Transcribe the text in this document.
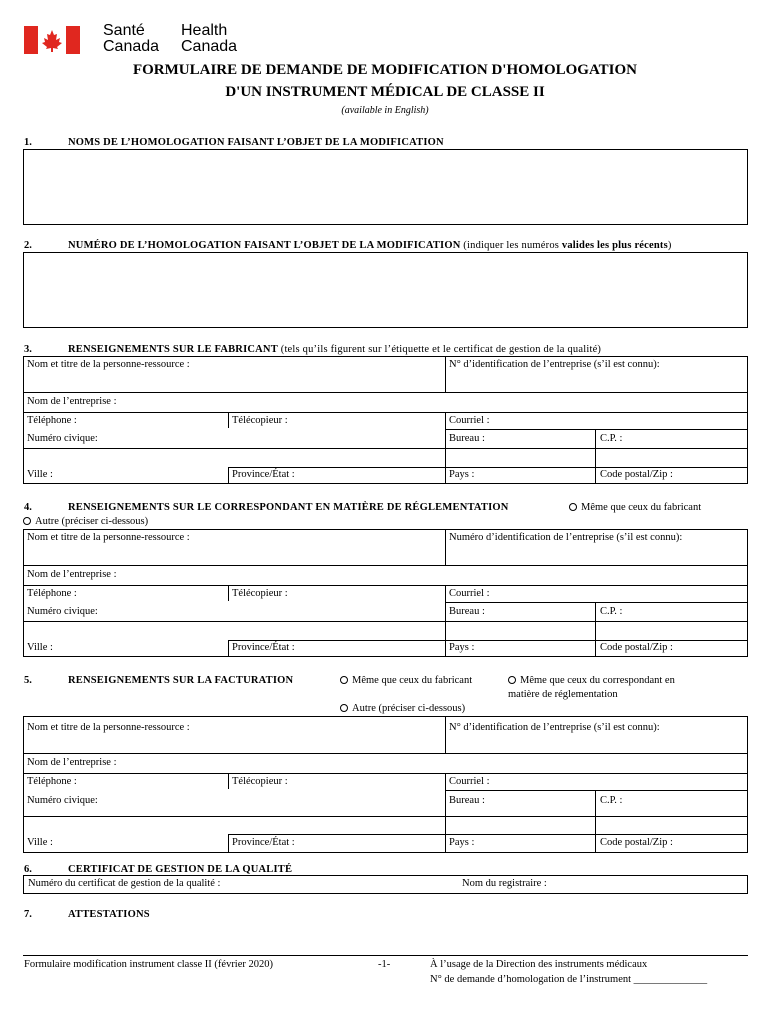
Santé
Canada
Health
Canada
FORMULAIRE DE DEMANDE DE MODIFICATION D'HOMOLOGATION
D'UN INSTRUMENT MÉDICAL DE CLASSE II
(available in English)
1.	NOMS DE L’HOMOLOGATION FAISANT L’OBJET DE LA MODIFICATION
2.	NUMÉRO DE L’HOMOLOGATION FAISANT L’OBJET DE LA MODIFICATION (indiquer les numéros valides les plus récents)
3.	RENSEIGNEMENTS SUR LE FABRICANT (tels qu’ils figurent sur l’étiquette et le certificat de gestion de la qualité)
Nom et titre de la personne-ressource :	N° d’identification de l’entreprise (s’il est connu):
Nom de l’entreprise :
Téléphone :	Télécopieur :	Courriel :
Numéro civique:	Bureau :	C.P. :
Ville :	Province/État :	Pays :	Code postal/Zip :
4.	RENSEIGNEMENTS SUR LE CORRESPONDANT EN MATIÈRE DE RÉGLEMENTATION	Même que ceux du fabricant
Autre (préciser ci-dessous)
Nom et titre de la personne-ressource :	Numéro d’identification de l’entreprise (s’il est connu):
Nom de l’entreprise :
Téléphone :	Télécopieur :	Courriel :
Numéro civique:	Bureau :	C.P. :
Ville :	Province/État :	Pays :	Code postal/Zip :
5.	RENSEIGNEMENTS SUR LA FACTURATION	Même que ceux du fabricant	Même que ceux du correspondant en
matière de réglementation
Autre (préciser ci-dessous)
Nom et titre de la personne-ressource :	N° d’identification de l’entreprise (s’il est connu):
Nom de l’entreprise :
Téléphone :	Télécopieur :	Courriel :
Numéro civique:	Bureau :	C.P. :
Ville :	Province/État :	Pays :	Code postal/Zip :
6.	CERTIFICAT DE GESTION DE LA QUALITÉ
Numéro du certificat de gestion de la qualité :	Nom du registraire :
7.	ATTESTATIONS
Formulaire modification instrument classe II (février 2020)	-1-	À l’usage de la Direction des instruments médicaux
N° de demande d’homologation de l’instrument ______________
